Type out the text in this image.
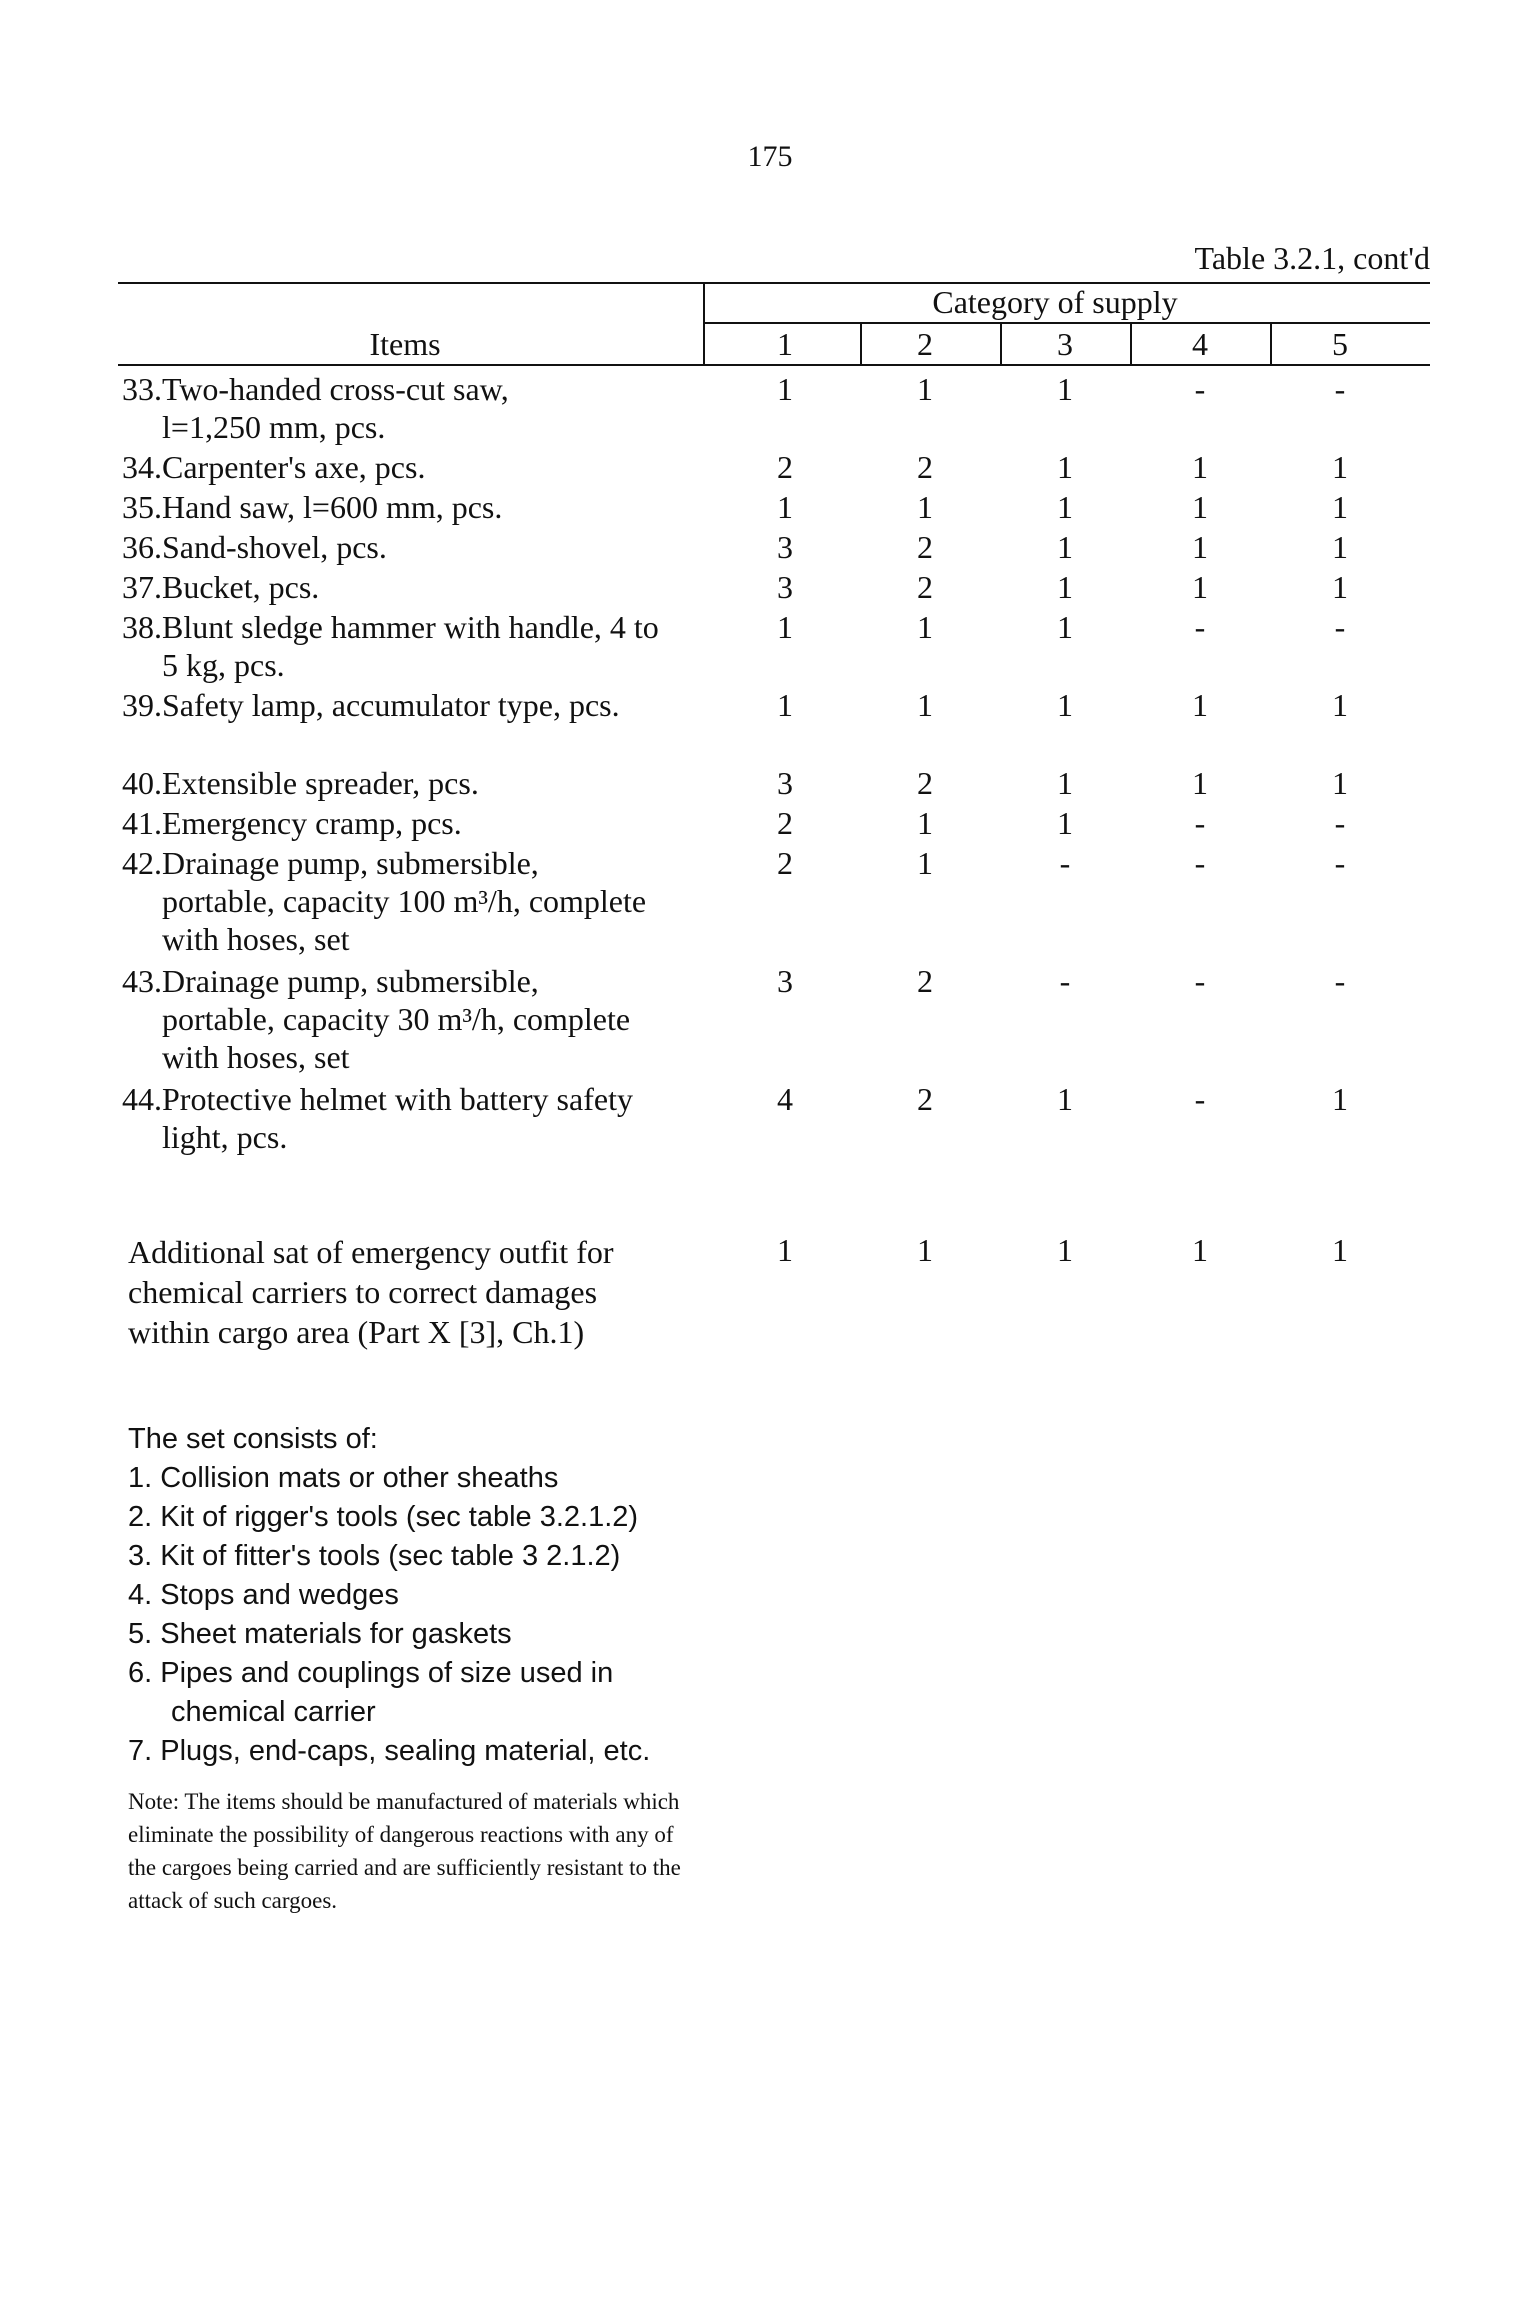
175
Table 3.2.1, cont'd
Category of supply
Items	1	2	3	4	5
33.Two-handed cross-cut saw,
l=1,250 mm, pcs.
1	1	1	-	-
34.Carpenter's axe, pcs.	2	2	1	1	1
35.Hand saw, l=600 mm, pcs.	1	1	1	1	1
36.Sand-shovel, pcs.	3	2	1	1	1
37.Bucket, pcs.	3	2	1	1	1
38.Blunt sledge hammer with handle, 4 to
5 kg, pcs.
1	1	1	-	-
39.Safety lamp, accumulator type, pcs.	1	1	1	1	1
40.Extensible spreader, pcs.	3	2	1	1	1
41.Emergency cramp, pcs.	2	1	1	-	-
42.Drainage pump, submersible,
portable, capacity 100 m³/h, complete
with hoses, set
2	1	-	-	-
43.Drainage pump, submersible,
portable, capacity 30 m³/h, complete
with hoses, set
3	2	-	-	-
44.Protective helmet with battery safety
light, pcs.
4	2	1	-	1
Additional sat of emergency outfit for
chemical carriers to correct damages
within cargo area (Part X [3], Ch.1)
1	1	1	1	1
The set consists of:
1. Collision mats or other sheaths
2. Kit of rigger's tools (sec table 3.2.1.2)
3. Kit of fitter's tools (sec table 3 2.1.2)
4. Stops and wedges
5. Sheet materials for gaskets
6. Pipes and couplings of size used in
chemical carrier
7. Plugs, end-caps, sealing material, etc.
Note: The items should be manufactured of materials which eliminate the possibility of dangerous reactions with any of the cargoes being carried and are sufficiently resistant to the attack of such cargoes.
